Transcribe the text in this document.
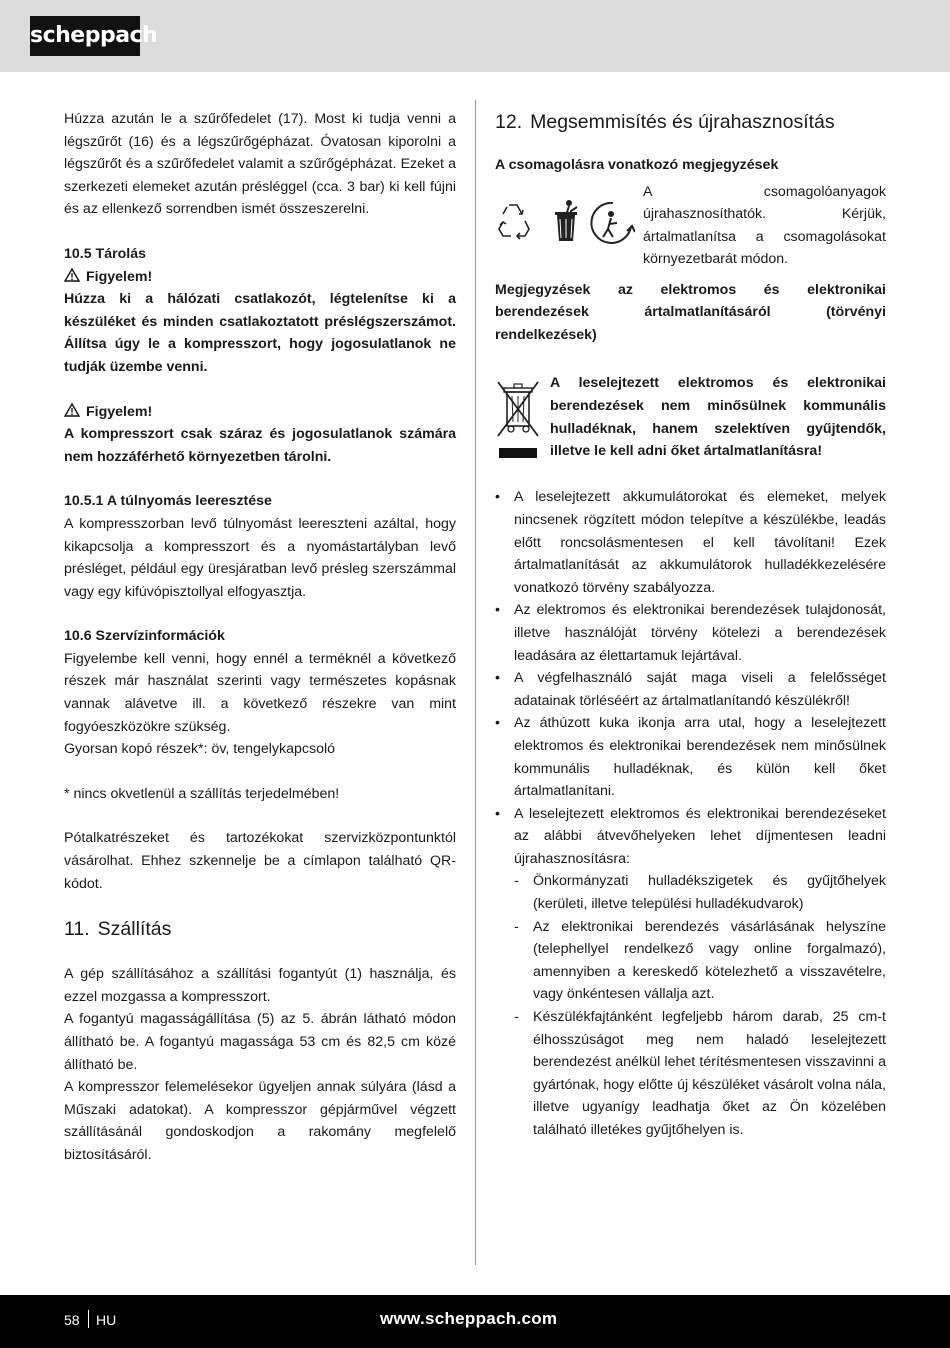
scheppach

Húzza azután le a szűrőfedelet (17). Most ki tudja venni a légszűrőt (16) és a légszűrőgépházat. Óvatosan kiporolni a légszűrőt és a szűrőfedelet valamit a szűrőgépházat. Ezeket a szerkezeti elemeket azután présléggel (cca. 3 bar) ki kell fújni és az ellenkező sorrendben ismét összeszerelni.

10.5 Tárolás

Figyelem!

Húzza ki a hálózati csatlakozót, légtelenítse ki a készüléket és minden csatlakoztatott préslégszerszámot. Állítsa úgy le a kompresszort, hogy jogosulatlanok ne tudják üzembe venni.

Figyelem!

A kompresszort csak száraz és jogosulatlanok számára nem hozzáférhető környezetben tárolni.

10.5.1 A túlnyomás leeresztése

A kompresszorban levő túlnyomást leereszteni azáltal, hogy kikapcsolja a kompresszort és a nyomástartályban levő présléget, például egy üresjáratban levő présleg szerszámmal vagy egy kifúvópisztollyal elfogyasztja.

10.6 Szervízinformációk

Figyelembe kell venni, hogy ennél a terméknél a következő részek már használat szerinti vagy természetes kopásnak vannak alávetve ill. a következő részekre van mint fogyóeszközökre szükség.

Gyorsan kopó részek*: öv, tengelykapcsoló

* nincs okvetlenül a szállítás terjedelmében!

Pótalkatrészeket és tartozékokat szervizközpontunktól vásárolhat. Ehhez szkennelje be a címlapon található QR-kódot.

11. Szállítás

A gép szállításához a szállítási fogantyút (1) használja, és ezzel mozgassa a kompresszort.

A fogantyú magasságállítása (5) az 5. ábrán látható módon állítható be. A fogantyú magassága 53 cm és 82,5 cm közé állítható be.

A kompresszor felemelésekor ügyeljen annak súlyára (lásd a Műszaki adatokat). A kompresszor gépjárművel végzett szállításánál gondoskodjon a rakomány megfelelő biztosításáról.

12. Megsemmisítés és újrahasznosítás

A csomagolásra vonatkozó megjegyzések

A csomagolóanyagok újrahasznosíthatók. Kérjük, ártalmatlanítsa a csomagolásokat környezetbarát módon.

Megjegyzések az elektromos és elektronikai berendezések ártalmatlanításáról (törvényi rendelkezések)

A leselejtezett elektromos és elektronikai berendezések nem minősülnek kommunális hulladéknak, hanem szelektíven gyűjtendők, illetve le kell adni őket ártalmatlanításra!

• A leselejtezett akkumulátorokat és elemeket, melyek nincsenek rögzített módon telepítve a készülékbe, leadás előtt roncsolásmentesen el kell távolítani! Ezek ártalmatlanítását az akkumulátorok hulladékkezelésére vonatkozó törvény szabályozza.
• Az elektromos és elektronikai berendezések tulajdonosát, illetve használóját törvény kötelezi a berendezések leadására az élettartamuk lejártával.
• A végfelhasználó saját maga viseli a felelősséget adatainak törléséért az ártalmatlanítandó készülékről!
• Az áthúzott kuka ikonja arra utal, hogy a leselejtezett elektromos és elektronikai berendezések nem minősülnek kommunális hulladéknak, és külön kell őket ártalmatlanítani.
• A leselejtezett elektromos és elektronikai berendezéseket az alábbi átvevőhelyeken lehet díjmentesen leadni újrahasznosításra:
- Önkormányzati hulladékszigetek és gyűjtőhelyek (kerületi, illetve települési hulladékudvarok)
- Az elektronikai berendezés vásárlásának helyszíne (telephellyel rendelkező vagy online forgalmazó), amennyiben a kereskedő kötelezhető a visszavételre, vagy önkéntesen vállalja azt.
- Készülékfajtánként legfeljebb három darab, 25 cm-t élhosszúságot meg nem haladó leselejtezett berendezést anélkül lehet térítésmentesen visszavinni a gyártónak, hogy előtte új készüléket vásárolt volna nála, illetve ugyanígy leadhatja őket az Ön közelében található illetékes gyűjtőhelyen is.
58 HU	www.scheppach.com
